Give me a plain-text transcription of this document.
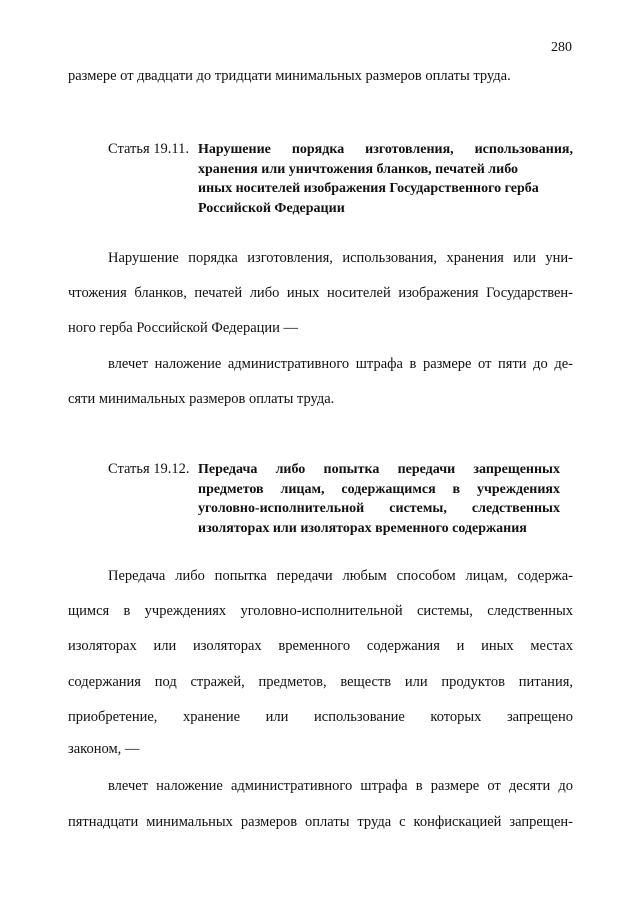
280
размере от двадцати до тридцати минимальных размеров оплаты труда.
Статья 19.11. Нарушение порядка изготовления, использования,
хранения или уничтожения бланков, печатей либо
иных носителей изображения Государственного герба
Российской Федерации
Нарушение порядка изготовления, использования, хранения или уни-
чтожения бланков, печатей либо иных носителей изображения Государствен-
ного герба Российской Федерации —
влечет наложение административного штрафа в размере от пяти до де-
сяти минимальных размеров оплаты труда.
Статья 19.12. Передача либо попытка передачи запрещенных
предметов лицам, содержащимся в учреждениях
уголовно-исполнительной системы, следственных
изоляторах или изоляторах временного содержания
Передача либо попытка передачи любым способом лицам, содержа-
щимся в учреждениях уголовно-исполнительной системы, следственных
изоляторах или изоляторах временного содержания и иных местах
содержания под стражей, предметов, веществ или продуктов питания,
приобретение, хранение или использование которых запрещено
законом, —
влечет наложение административного штрафа в размере от десяти до
пятнадцати минимальных размеров оплаты труда с конфискацией запрещен-
